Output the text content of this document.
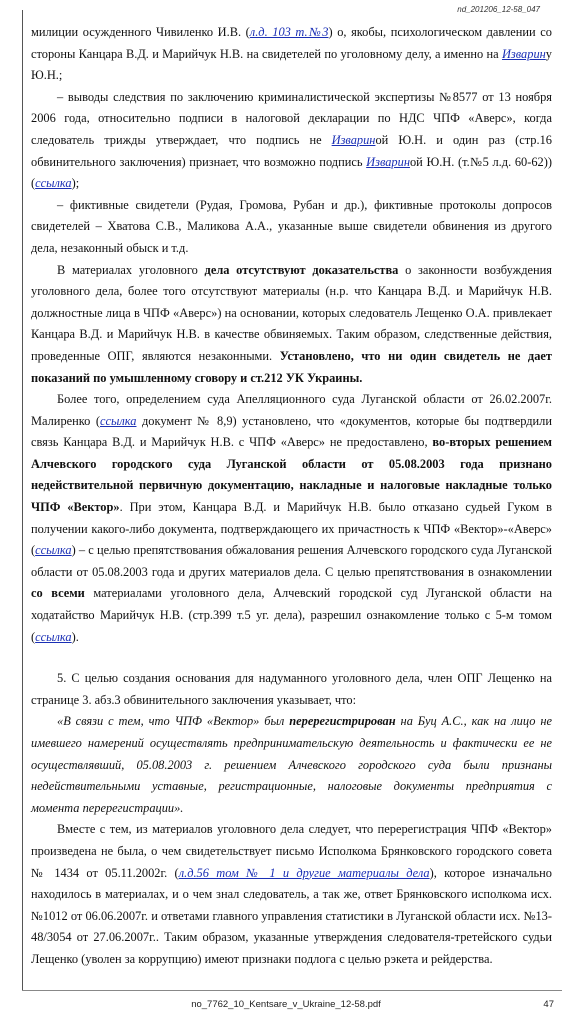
nd_201206_12-58_047

милиции осужденного Чивиленко И.В. (л.д. 103 т.№3) о, якобы, психологическом давлении со стороны Канцара В.Д. и Марийчук Н.В. на свидетелей по уголовному делу, а именно на Изварину Ю.Н.;

– выводы следствия по заключению криминалистической экспертизы №8577 от 13 ноября 2006 года, относительно подписи в налоговой декларации по НДС ЧПФ «Аверс», когда следователь трижды утверждает, что подпись не Извариной Ю.Н. и один раз (стр.16 обвинительного заключения) признает, что возможно подпись Извариной Ю.Н. (т.№5 л.д. 60-62)) (ссылка);

– фиктивные свидетели (Рудая, Громова, Рубан и др.), фиктивные протоколы допросов свидетелей – Хватова С.В., Маликова А.А., указанные выше свидетели обвинения из другого дела, незаконный обыск и т.д.

В материалах уголовного дела отсутствуют доказательства о законности возбуждения уголовного дела, более того отсутствуют материалы (н.р. что Канцара В.Д. и Марийчук Н.В. должностные лица в ЧПФ «Аверс») на основании, которых следователь Лещенко О.А. привлекает Канцара В.Д. и Марийчук Н.В. в качестве обвиняемых. Таким образом, следственные действия, проведенные ОПГ, являются незаконными. Установлено, что ни один свидетель не дает показаний по умышленному сговору и ст.212 УК Украины.

Более того, определением суда Апелляционного суда Луганской области от 26.02.2007г. Малиренко (ссылка документ № 8,9) установлено, что «документов, которые бы подтвердили связь Канцара В.Д. и Марийчук Н.В. с ЧПФ «Аверс» не предоставлено, во-вторых решением Алчевского городского суда Луганской области от 05.08.2003 года признано недействительной первичную документацию, накладные и налоговые накладные только ЧПФ «Вектор». При этом, Канцара В.Д. и Марийчук Н.В. было отказано судьей Гуком в получении какого-либо документа, подтверждающего их причастность к ЧПФ «Вектор»-«Аверс» (ссылка) – с целью препятствования обжалования решения Алчевского городского суда Луганской области от 05.08.2003 года и других материалов дела. С целью препятствования в ознакомлении со всеми материалами уголовного дела, Алчевский городской суд Луганской области на ходатайство Марийчук Н.В. (стр.399 т.5 уг. дела), разрешил ознакомление только с 5-м томом (ссылка).

5. С целью создания основания для надуманного уголовного дела, член ОПГ Лещенко на странице 3. абз.3 обвинительного заключения указывает, что:

«В связи с тем, что ЧПФ «Вектор» был перерегистрирован на Буц А.С., как на лицо не имевшего намерений осуществлять предпринимательскую деятельность и фактически ее не осуществлявший, 05.08.2003 г. решением Алчевского городского суда были признаны недействительными уставные, регистрационные, налоговые документы предприятия с момента перерегистрации».

Вместе с тем, из материалов уголовного дела следует, что перерегистрация ЧПФ «Вектор» произведена не была, о чем свидетельствует письмо Исполкома Брянковского городского совета № 1434 от 05.11.2002г. (л.д.56 том № 1 и другие материалы дела), которое изначально находилось в материалах, и о чем знал следователь, а так же, ответ Брянковского исполкома исх. №1012 от 06.06.2007г. и ответами главного управления статистики в Луганской области исх. №13-48/3054 от 27.06.2007г.. Таким образом, указанные утверждения следователя-третейского судьи Лещенко (уволен за коррупцию) имеют признаки подлога с целью рэкета и рейдерства.

no_7762_10_Kentsare_v_Ukraine_12-58.pdf	47
